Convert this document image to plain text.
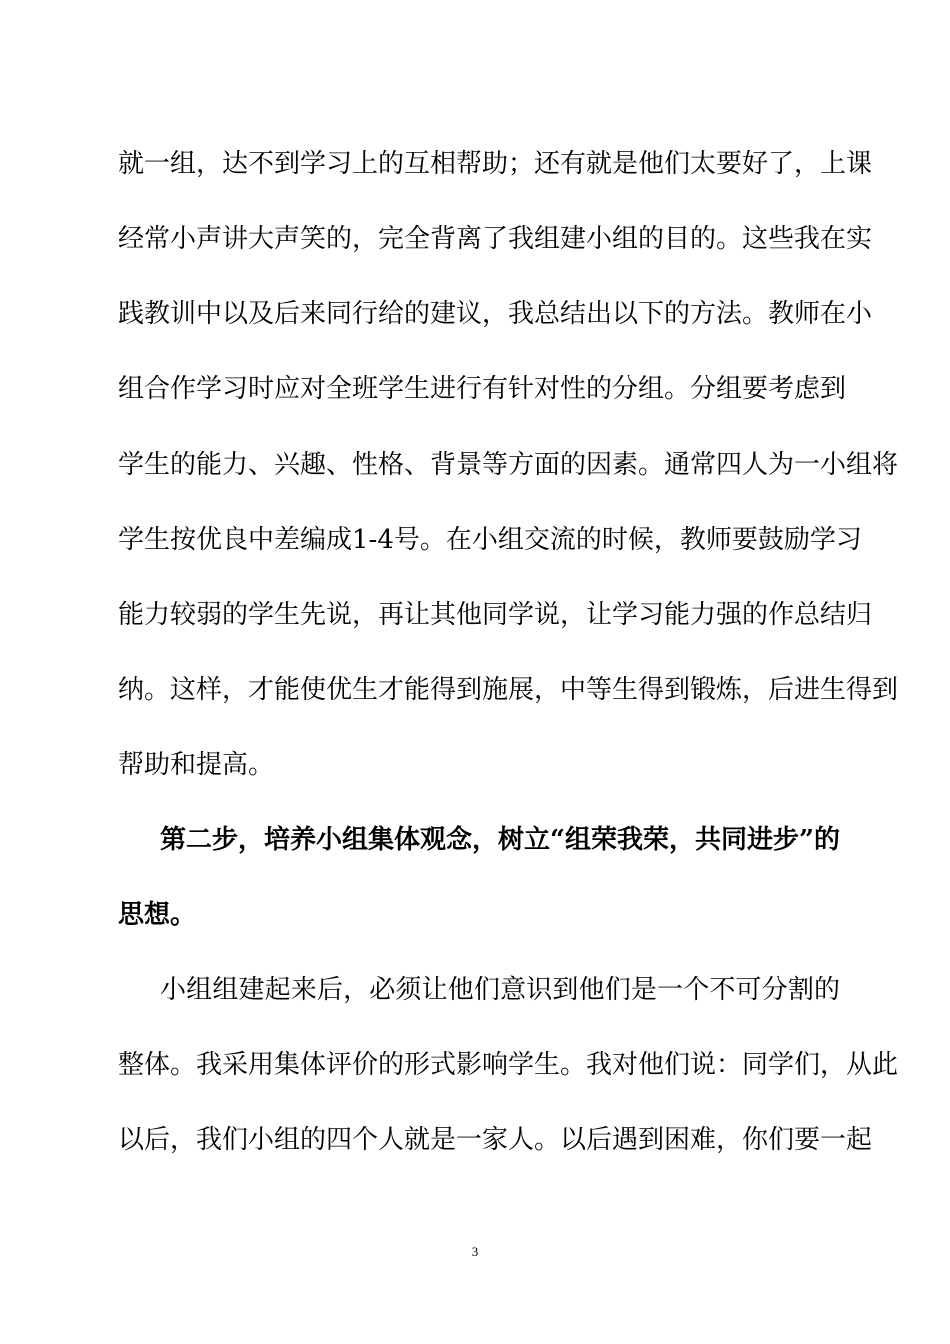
就一组，达不到学习上的互相帮助；还有就是他们太要好了，上课
经常小声讲大声笑的，完全背离了我组建小组的目的。这些我在实
践教训中以及后来同行给的建议，我总结出以下的方法。教师在小
组合作学习时应对全班学生进行有针对性的分组。分组要考虑到
学生的能力、兴趣、性格、背景等方面的因素。通常四人为一小组将
学生按优良中差编成1-4号。在小组交流的时候，教师要鼓励学习
能力较弱的学生先说，再让其他同学说，让学习能力强的作总结归
纳。这样，才能使优生才能得到施展，中等生得到锻炼，后进生得到
帮助和提高。
第二步，培养小组集体观念，树立“组荣我荣，共同进步”的
思想。
小组组建起来后，必须让他们意识到他们是一个不可分割的
整体。我采用集体评价的形式影响学生。我对他们说：同学们，从此
以后，我们小组的四个人就是一家人。以后遇到困难，你们要一起
3
